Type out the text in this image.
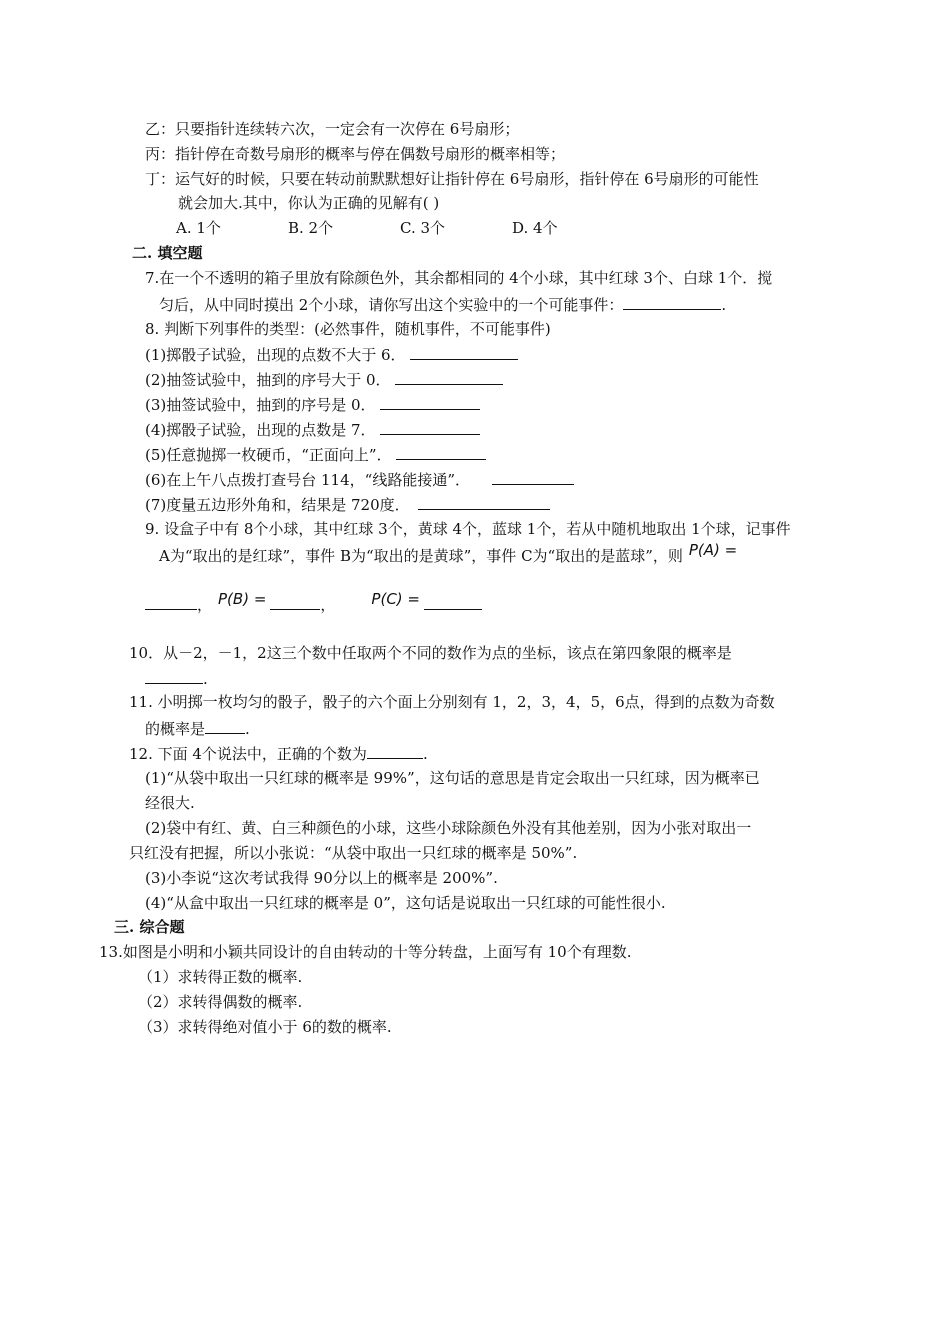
乙：只要指针连续转六次，一定会有一次停在 6号扇形；
丙：指针停在奇数号扇形的概率与停在偶数号扇形的概率相等；
丁：运气好的时候，只要在转动前默默想好让指针停在 6号扇形，指针停在 6号扇形的可能性
就会加大.其中，你认为正确的见解有( )
A. 1个	B. 2个	C. 3个	D. 4个
二. 填空题
7.在一个不透明的箱子里放有除颜色外，其余都相同的 4个小球，其中红球 3个、白球 1个．搅
匀后，从中同时摸出 2个小球，请你写出这个实验中的一个可能事件：	.
8. 判断下列事件的类型：(必然事件，随机事件，不可能事件)
(1)掷骰子试验，出现的点数不大于 6．
(2)抽签试验中，抽到的序号大于 0．
(3)抽签试验中，抽到的序号是 0．
(4)掷骰子试验，出现的点数是 7．
(5)任意抛掷一枚硬币，“正面向上”．
(6)在上午八点拨打查号台 114，“线路能接通”．
(7)度量五边形外角和，结果是 720度．
9. 设盒子中有 8个小球，其中红球 3个，黄球 4个，蓝球 1个，若从中随机地取出 1个球，记事件
A为“取出的是红球”，事件 B为“取出的是黄球”，事件 C为“取出的是蓝球”，则 P(A) =
， P(B) =	， P(C) =
10．从－2，－1，2这三个数中任取两个不同的数作为点的坐标，该点在第四象限的概率是
.
11. 小明掷一枚均匀的骰子，骰子的六个面上分别刻有 1，2，3，4，5，6点，得到的点数为奇数
的概率是	.
12. 下面 4个说法中，正确的个数为	.
(1)“从袋中取出一只红球的概率是 99%”，这句话的意思是肯定会取出一只红球，因为概率已
经很大.
(2)袋中有红、黄、白三种颜色的小球，这些小球除颜色外没有其他差别，因为小张对取出一
只红没有把握，所以小张说：“从袋中取出一只红球的概率是 50%”.
(3)小李说“这次考试我得 90分以上的概率是 200%”.
(4)“从盒中取出一只红球的概率是 0”，这句话是说取出一只红球的可能性很小.
三. 综合题
13.如图是小明和小颖共同设计的自由转动的十等分转盘，上面写有 10个有理数.
（1）求转得正数的概率.
（2）求转得偶数的概率.
（3）求转得绝对值小于 6的数的概率.
